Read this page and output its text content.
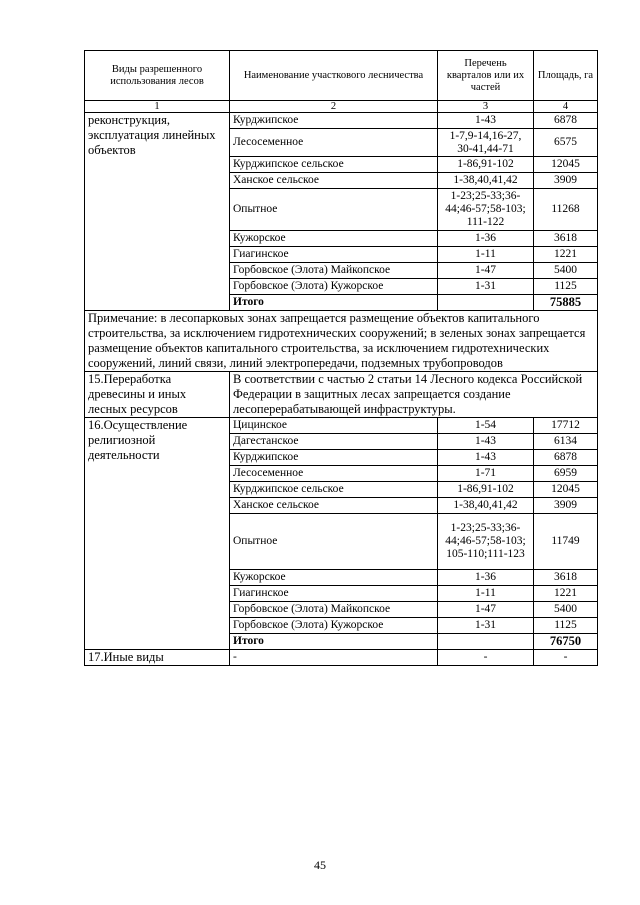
Виды разрешенного использования лесов	Наименование участкового лесничества	Перечень кварталов или их частей	Площадь, га
1	2	3	4
реконструкция, эксплуатация линейных объектов	Курджипское	1-43	6878
	Лесосеменное	1-7,9-14,16-27, 30-41,44-71	6575
	Курджипское сельское	1-86,91-102	12045
	Ханское сельское	1-38,40,41,42	3909
	Опытное	1-23;25-33;36-44;46-57;58-103; 111-122	11268
	Кужорское	1-36	3618
	Гиагинское	1-11	1221
	Горбовское (Элота) Майкопское	1-47	5400
	Горбовское (Элота) Кужорское	1-31	1125
	Итого		75885
Примечание: в лесопарковых зонах запрещается размещение объектов капитального строительства, за исключением гидротехнических сооружений; в зеленых зонах запрещается размещение объектов капитального строительства, за исключением гидротехнических сооружений, линий связи, линий электропередачи, подземных трубопроводов			
15.Переработка древесины и иных лесных ресурсов	В соответствии с частью 2 статьи 14 Лесного кодекса Российской Федерации в защитных лесах запрещается создание лесоперерабатывающей инфраструктуры.		
16.Осуществление религиозной деятельности	Цицинское	1-54	17712
	Дагестанское	1-43	6134
	Курджипское	1-43	6878
	Лесосеменное	1-71	6959
	Курджипское сельское	1-86,91-102	12045
	Ханское сельское	1-38,40,41,42	3909
	Опытное	1-23;25-33;36-44;46-57;58-103; 105-110;111-123	11749
	Кужорское	1-36	3618
	Гиагинское	1-11	1221
	Горбовское (Элота) Майкопское	1-47	5400
	Горбовское (Элота) Кужорское	1-31	1125
	Итого		76750
17.Иные виды	-	-	-
45
